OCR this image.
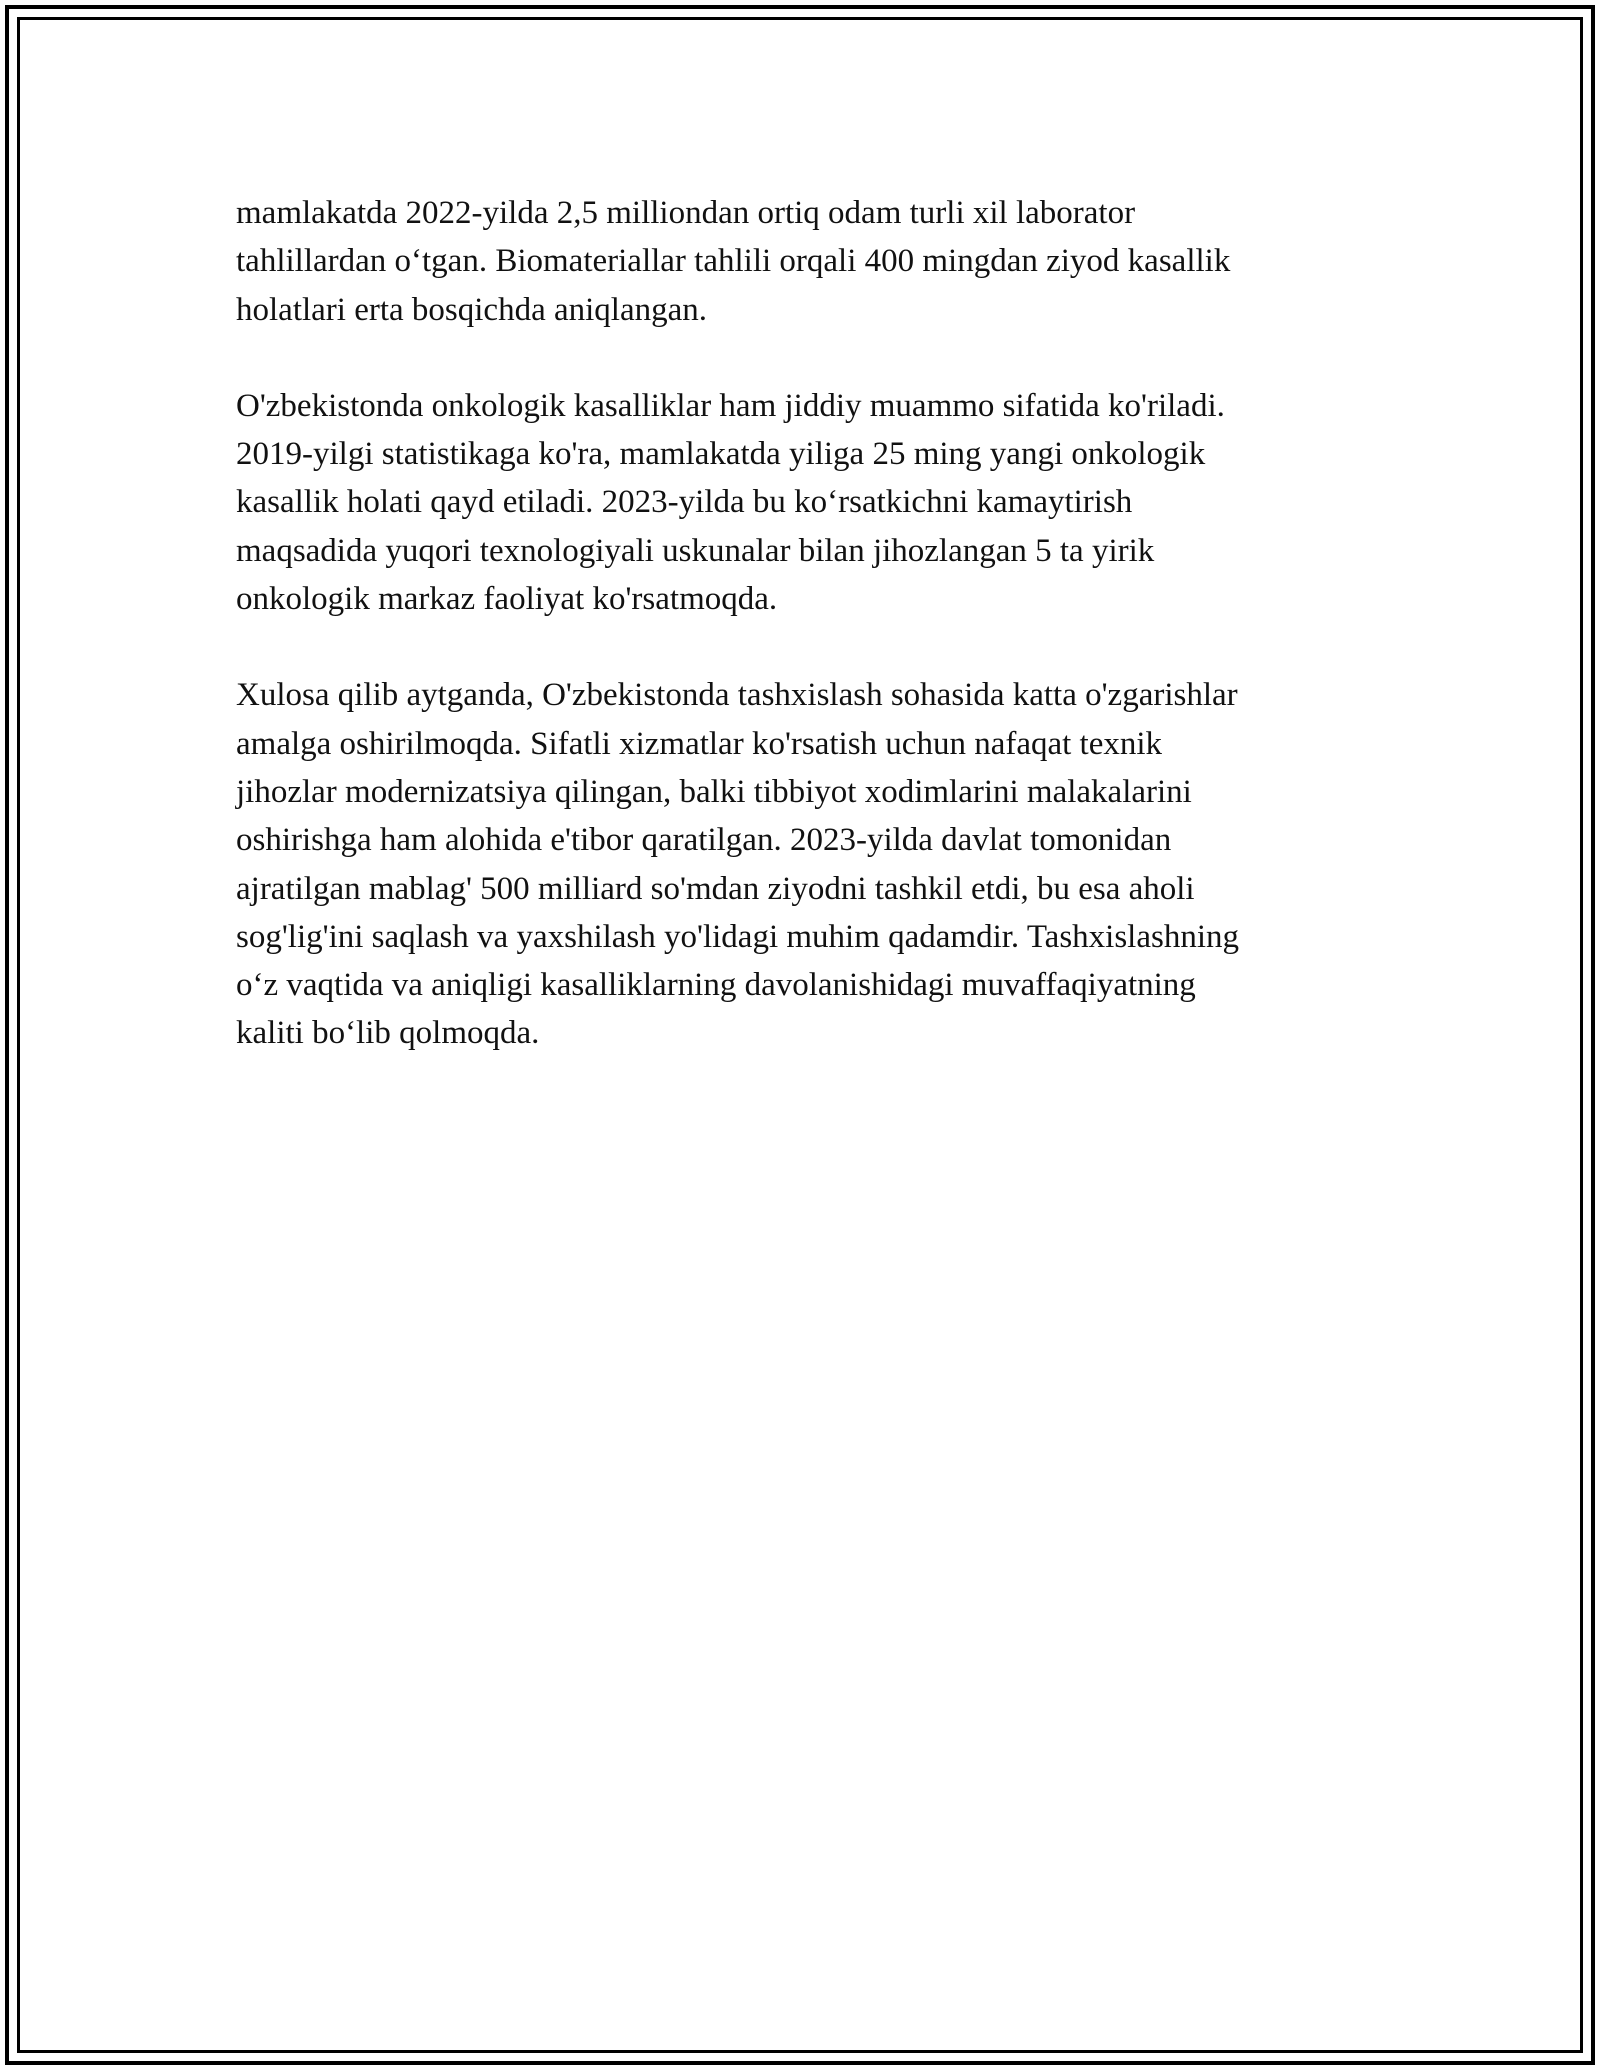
mamlakatda 2022-yilda 2,5 milliondan ortiq odam turli xil laborator
tahlillardan o‘tgan. Biomateriallar tahlili orqali 400 mingdan ziyod kasallik
holatlari erta bosqichda aniqlangan.

O'zbekistonda onkologik kasalliklar ham jiddiy muammo sifatida ko'riladi.
2019-yilgi statistikaga ko'ra, mamlakatda yiliga 25 ming yangi onkologik
kasallik holati qayd etiladi. 2023-yilda bu ko‘rsatkichni kamaytirish
maqsadida yuqori texnologiyali uskunalar bilan jihozlangan 5 ta yirik
onkologik markaz faoliyat ko'rsatmoqda.

Xulosa qilib aytganda, O'zbekistonda tashxislash sohasida katta o'zgarishlar
amalga oshirilmoqda. Sifatli xizmatlar ko'rsatish uchun nafaqat texnik
jihozlar modernizatsiya qilingan, balki tibbiyot xodimlarini malakalarini
oshirishga ham alohida e'tibor qaratilgan. 2023-yilda davlat tomonidan
ajratilgan mablag' 500 milliard so'mdan ziyodni tashkil etdi, bu esa aholi
sog'lig'ini saqlash va yaxshilash yo'lidagi muhim qadamdir. Tashxislashning
o‘z vaqtida va aniqligi kasalliklarning davolanishidagi muvaffaqiyatning
kaliti bo‘lib qolmoqda.
